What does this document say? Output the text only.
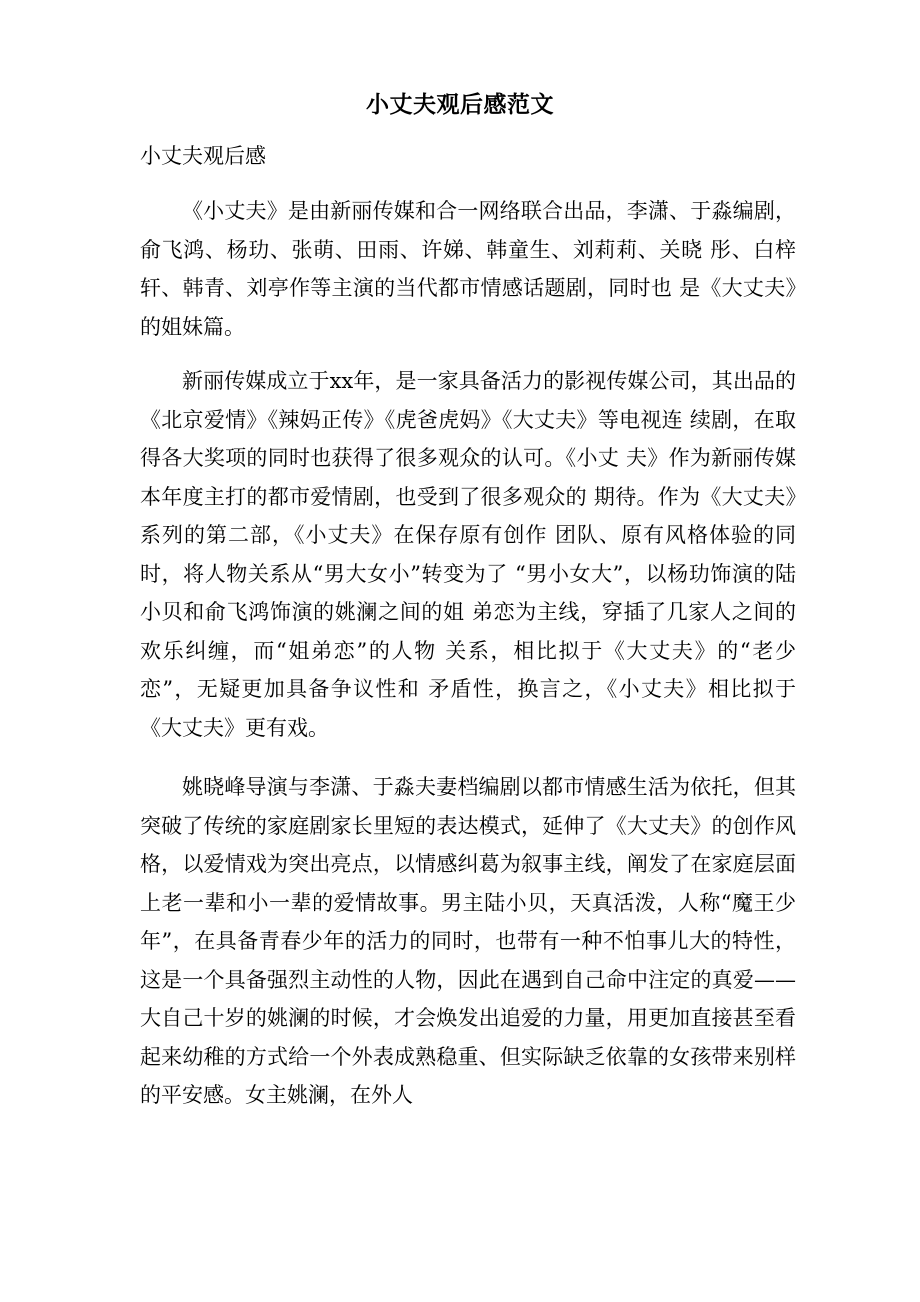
小丈夫观后感范文
小丈夫观后感

《小丈夫》是由新丽传媒和合一网络联合出品，李潇、于淼编剧，俞飞鸿、杨玏、张萌、田雨、许娣、韩童生、刘莉莉、关晓 彤、白梓轩、韩青、刘亭作等主演的当代都市情感话题剧，同时也 是《大丈夫》的姐妹篇。

新丽传媒成立于xx年，是一家具备活力的影视传媒公司，其出品的《北京爱情》《辣妈正传》《虎爸虎妈》《大丈夫》等电视连 续剧，在取得各大奖项的同时也获得了很多观众的认可。《小丈 夫》作为新丽传媒本年度主打的都市爱情剧，也受到了很多观众的 期待。作为《大丈夫》系列的第二部，《小丈夫》在保存原有创作 团队、原有风格体验的同时，将人物关系从“男大女小”转变为了 “男小女大”，以杨玏饰演的陆小贝和俞飞鸿饰演的姚澜之间的姐 弟恋为主线，穿插了几家人之间的欢乐纠缠，而“姐弟恋”的人物 关系，相比拟于《大丈夫》的“老少恋”，无疑更加具备争议性和 矛盾性，换言之，《小丈夫》相比拟于《大丈夫》更有戏。

姚晓峰导演与李潇、于淼夫妻档编剧以都市情感生活为依托，但其突破了传统的家庭剧家长里短的表达模式，延伸了《大丈夫》的创作风格，以爱情戏为突出亮点，以情感纠葛为叙事主线，阐发了在家庭层面上老一辈和小一辈的爱情故事。男主陆小贝，天真活泼，人称“魔王少年”，在具备青春少年的活力的同时，也带有一种不怕事儿大的特性，这是一个具备强烈主动性的人物，因此在遇到自己命中注定的真爱——大自己十岁的姚澜的时候，才会焕发出追爱的力量，用更加直接甚至看起来幼稚的方式给一个外表成熟稳重、但实际缺乏依靠的女孩带来别样的平安感。女主姚澜，在外人
